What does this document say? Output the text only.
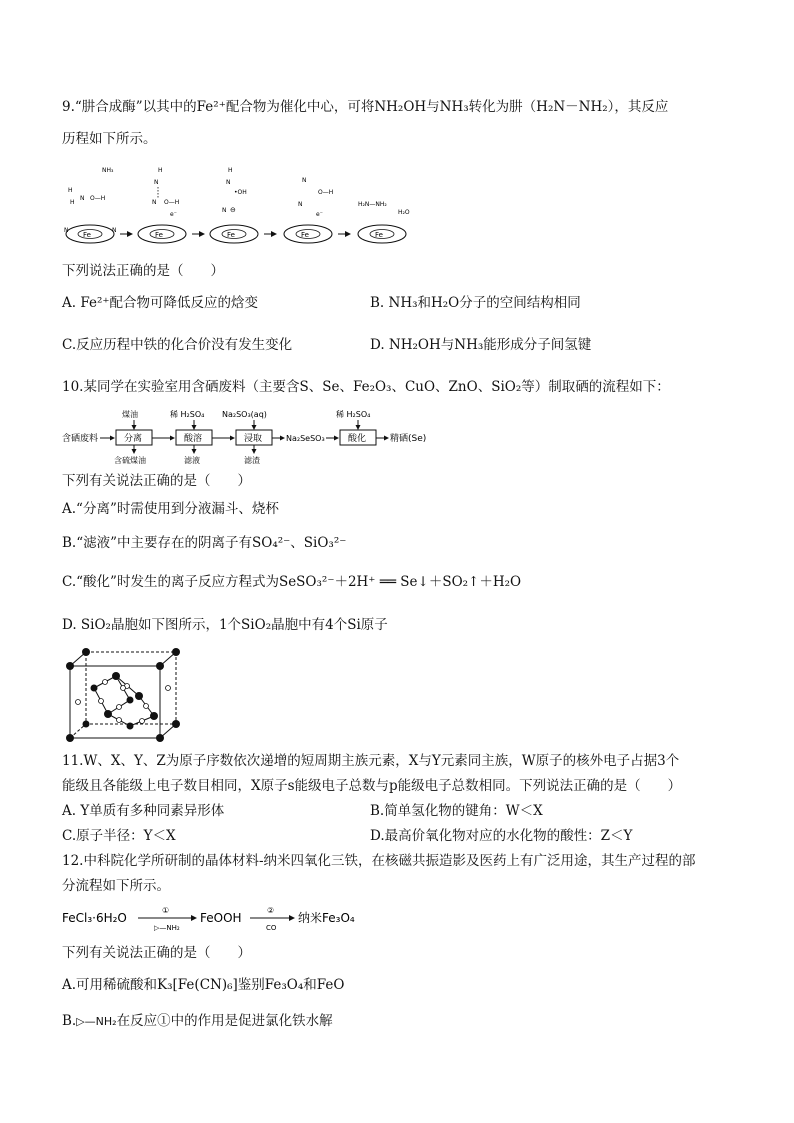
9.“肼合成酶”以其中的Fe²⁺配合物为催化中心，可将NH₂OH与NH₃转化为肼（H₂N－NH₂），其反应
历程如下所示。
Fe
N	N
NH₃
H
H
N O—H
Fe
H
N
N O—H
e⁻
Fe
H
N
•OH
N ⊖
Fe
N
O—H
N
e⁻
Fe
H₂N—NH₂
H₂O
下列说法正确的是（　　）
A. Fe²⁺配合物可降低反应的焓变	B. NH₃和H₂O分子的空间结构相同
C.反应历程中铁的化合价没有发生变化	D. NH₂OH与NH₃能形成分子间氢键
10.某同学在实验室用含硒废料（主要含S、Se、Fe₂O₃、CuO、ZnO、SiO₂等）制取硒的流程如下：
含硒废料	分离
煤油
含硫煤油
酸溶
稀 H₂SO₄
滤液
浸取
Na₂SO₃(aq)
滤渣
Na₂SeSO₃	酸化
稀 H₂SO₄
精硒(Se)
下列有关说法正确的是（　　）
A.“分离”时需使用到分液漏斗、烧杯
B.“滤液”中主要存在的阴离子有SO₄²⁻、SiO₃²⁻
C.“酸化”时发生的离子反应方程式为SeSO₃²⁻＋2H⁺ ══ Se↓＋SO₂↑＋H₂O
D. SiO₂晶胞如下图所示，1个SiO₂晶胞中有4个Si原子
11.W、X、Y、Z为原子序数依次递增的短周期主族元素，X与Y元素同主族，W原子的核外电子占据3个
能级且各能级上电子数目相同，X原子s能级电子总数与p能级电子总数相同。下列说法正确的是（　　）
A. Y单质有多种同素异形体	B.简单氢化物的键角：W＜X
C.原子半径：Y＜X	D.最高价氧化物对应的水化物的酸性：Z＜Y
12.中科院化学所研制的晶体材料-纳米四氧化三铁，在核磁共振造影及医药上有广泛用途，其生产过程的部
分流程如下所示。
FeCl₃·6H₂O
①
▷—NH₂
FeOOH
②
CO
纳米Fe₃O₄
下列有关说法正确的是（　　）
A.可用稀硫酸和K₃[Fe(CN)₆]鉴别Fe₃O₄和FeO
B.▷—NH₂在反应①中的作用是促进氯化铁水解
